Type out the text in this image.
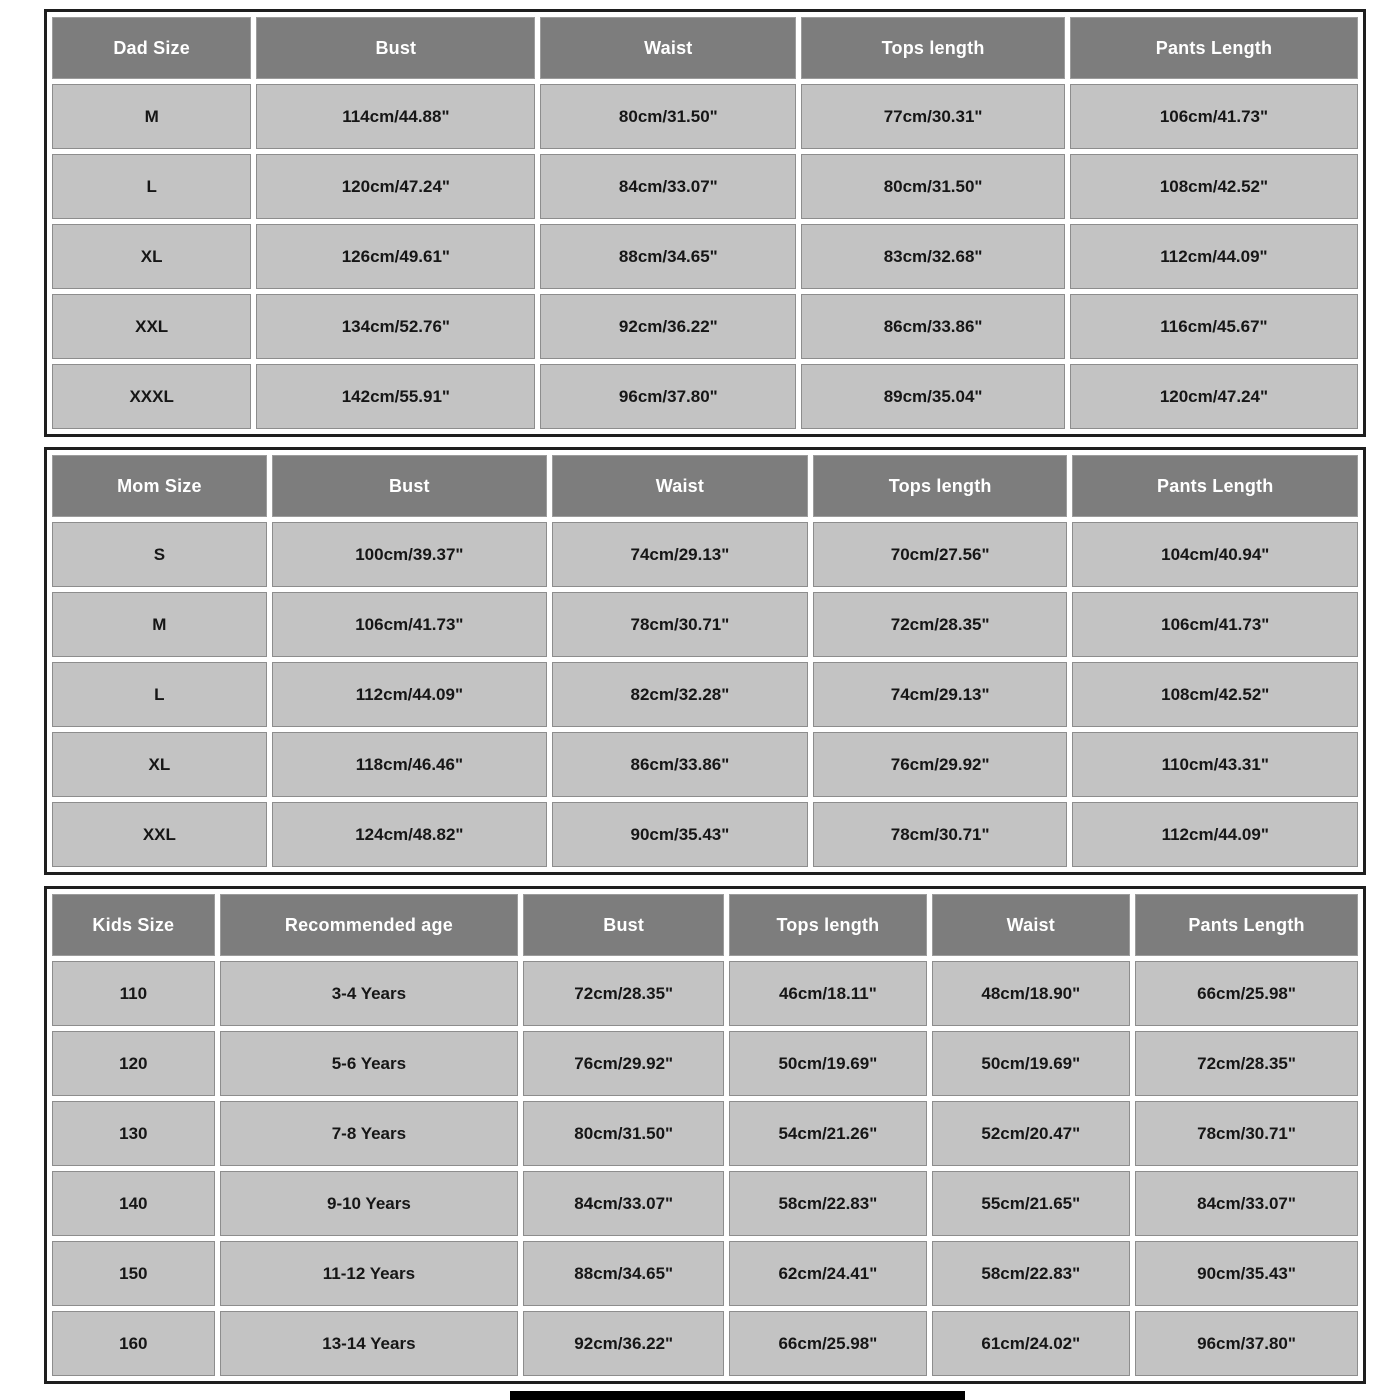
Dad Size	Bust	Waist	Tops length	Pants Length
M	114cm/44.88"	80cm/31.50"	77cm/30.31"	106cm/41.73"
L	120cm/47.24"	84cm/33.07"	80cm/31.50"	108cm/42.52"
XL	126cm/49.61"	88cm/34.65"	83cm/32.68"	112cm/44.09"
XXL	134cm/52.76"	92cm/36.22"	86cm/33.86"	116cm/45.67"
XXXL	142cm/55.91"	96cm/37.80"	89cm/35.04"	120cm/47.24"
Mom Size	Bust	Waist	Tops length	Pants Length
S	100cm/39.37"	74cm/29.13"	70cm/27.56"	104cm/40.94"
M	106cm/41.73"	78cm/30.71"	72cm/28.35"	106cm/41.73"
L	112cm/44.09"	82cm/32.28"	74cm/29.13"	108cm/42.52"
XL	118cm/46.46"	86cm/33.86"	76cm/29.92"	110cm/43.31"
XXL	124cm/48.82"	90cm/35.43"	78cm/30.71"	112cm/44.09"
Kids Size	Recommended age	Bust	Tops length	Waist	Pants Length
110	3-4 Years	72cm/28.35"	46cm/18.11"	48cm/18.90"	66cm/25.98"
120	5-6 Years	76cm/29.92"	50cm/19.69"	50cm/19.69"	72cm/28.35"
130	7-8 Years	80cm/31.50"	54cm/21.26"	52cm/20.47"	78cm/30.71"
140	9-10 Years	84cm/33.07"	58cm/22.83"	55cm/21.65"	84cm/33.07"
150	11-12 Years	88cm/34.65"	62cm/24.41"	58cm/22.83"	90cm/35.43"
160	13-14 Years	92cm/36.22"	66cm/25.98"	61cm/24.02"	96cm/37.80"
